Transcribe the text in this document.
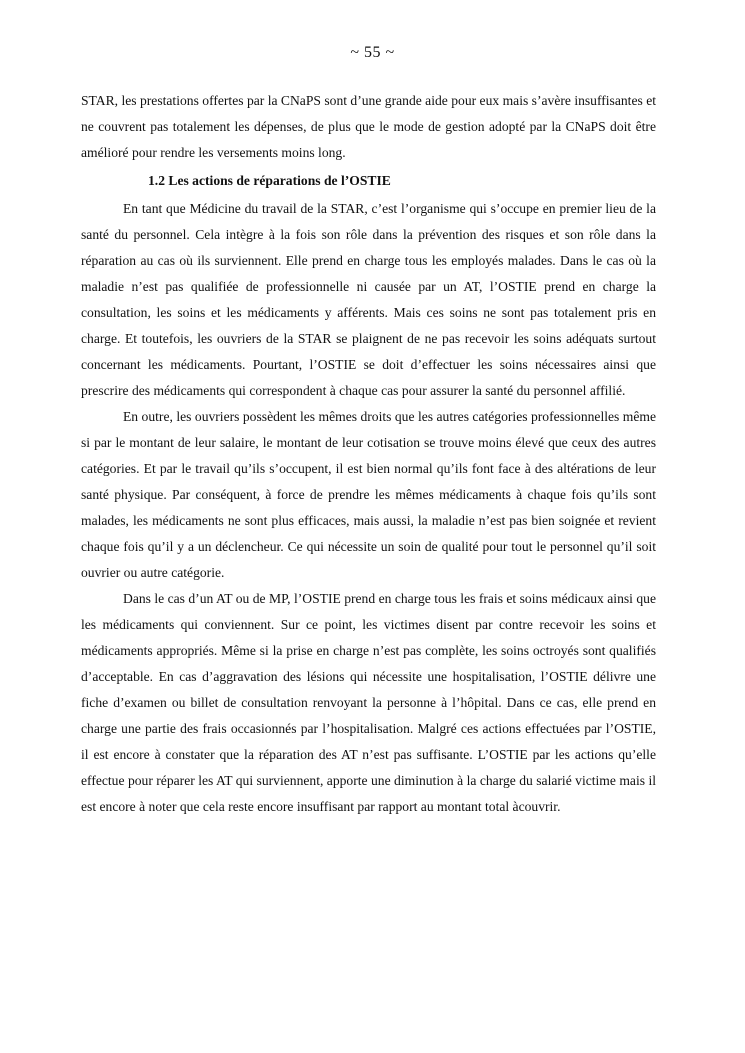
~ 55 ~

STAR, les prestations offertes par la CNaPS sont d’une grande aide pour eux mais s’avère insuffisantes et ne couvrent pas totalement les dépenses, de plus que le mode de gestion adopté par la CNaPS doit être amélioré pour rendre les versements moins long.

1.2 Les actions de réparations de l’OSTIE

En tant que Médicine du travail de la STAR, c’est l’organisme qui s’occupe en premier lieu de la santé du personnel. Cela intègre à la fois son rôle dans la prévention des risques et son rôle dans la réparation au cas où ils surviennent. Elle prend en charge tous les employés malades. Dans le cas où la maladie n’est pas qualifiée de professionnelle ni causée par un AT, l’OSTIE prend en charge la consultation, les soins et les médicaments y afférents. Mais ces soins ne sont pas totalement pris en charge. Et toutefois, les ouvriers de la STAR se plaignent de ne pas recevoir les soins adéquats surtout concernant les médicaments. Pourtant, l’OSTIE se doit d’effectuer les soins nécessaires ainsi que prescrire des médicaments qui correspondent à chaque cas pour assurer la santé du personnel affilié.

En outre, les ouvriers possèdent les mêmes droits que les autres catégories professionnelles même si par le montant de leur salaire, le montant de leur cotisation se trouve moins élevé que ceux des autres catégories. Et par le travail qu’ils s’occupent, il est bien normal qu’ils font face à des altérations de leur santé physique. Par conséquent, à force de prendre les mêmes médicaments à chaque fois qu’ils sont malades, les médicaments ne sont plus efficaces, mais aussi, la maladie n’est pas bien soignée et revient chaque fois qu’il y a un déclencheur. Ce qui nécessite un soin de qualité pour tout le personnel qu’il soit ouvrier ou autre catégorie.

Dans le cas d’un AT ou de MP, l’OSTIE prend en charge tous les frais et soins médicaux ainsi que les médicaments qui conviennent. Sur ce point, les victimes disent par contre recevoir les soins et médicaments appropriés. Même si la prise en charge n’est pas complète, les soins octroyés sont qualifiés d’acceptable. En cas d’aggravation des lésions qui nécessite une hospitalisation, l’OSTIE délivre une fiche d’examen ou billet de consultation renvoyant la personne à l’hôpital. Dans ce cas, elle prend en charge une partie des frais occasionnés par l’hospitalisation. Malgré ces actions effectuées par l’OSTIE, il est encore à constater que la réparation des AT n’est pas suffisante. L’OSTIE par les actions qu’elle effectue pour réparer les AT qui surviennent, apporte une diminution à la charge du salarié victime mais il est encore à noter que cela reste encore insuffisant par rapport au montant total àcouvrir.
